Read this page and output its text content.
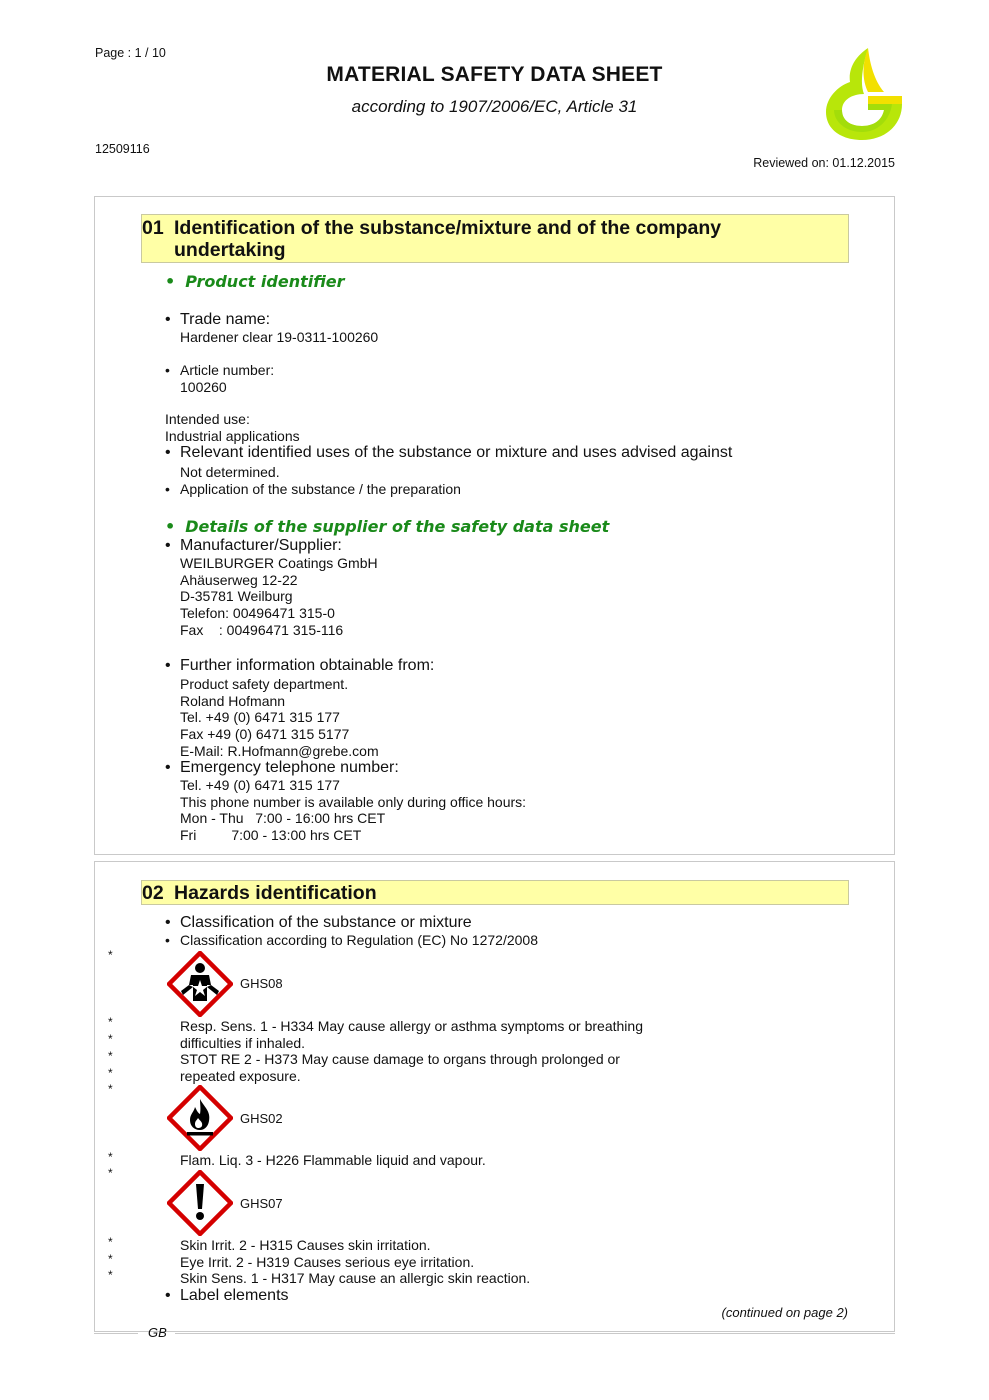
Page : 1 / 10
MATERIAL SAFETY DATA SHEET
according to 1907/2006/EC, Article 31
12509116
Reviewed on: 01.12.2015
01 Identification of the substance/mixture and of the company
undertaking
• Product identifier
• Trade name:
Hardener clear 19-0311-100260
• Article number:
100260
Intended use:
Industrial applications
• Relevant identified uses of the substance or mixture and uses advised against
Not determined.
• Application of the substance / the preparation
• Details of the supplier of the safety data sheet
• Manufacturer/Supplier:
WEILBURGER Coatings GmbH
Ahäuserweg 12-22
D-35781 Weilburg
Telefon: 00496471 315-0
Fax    : 00496471 315-116
• Further information obtainable from:
Product safety department.
Roland Hofmann
Tel. +49 (0) 6471 315 177
Fax +49 (0) 6471 315 5177
E-Mail: R.Hofmann@grebe.com
• Emergency telephone number:
Tel. +49 (0) 6471 315 177
This phone number is available only during office hours:
Mon - Thu   7:00 - 16:00 hrs CET
Fri         7:00 - 13:00 hrs CET
02 Hazards identification
• Classification of the substance or mixture
• Classification according to Regulation (EC) No 1272/2008
*
GHS08
*
*
*
*
*
Resp. Sens. 1 - H334 May cause allergy or asthma symptoms or breathing
difficulties if inhaled.
STOT RE 2 - H373 May cause damage to organs through prolonged or
repeated exposure.
GHS02
*
*
Flam. Liq. 3 - H226 Flammable liquid and vapour.
GHS07
*
*
*
Skin Irrit. 2 - H315 Causes skin irritation.
Eye Irrit. 2 - H319 Causes serious eye irritation.
Skin Sens. 1 - H317 May cause an allergic skin reaction.
• Label elements
(continued on page 2)
GB
